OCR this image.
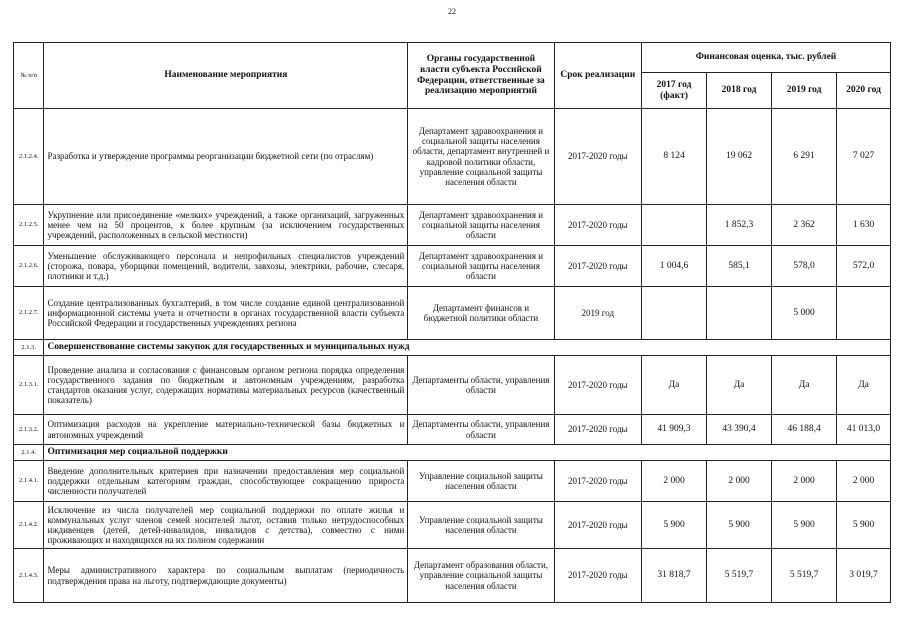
22
№ п/п	Наименование мероприятия	Органы государственной власти субъекта Российской Федерации, ответственные за реализацию мероприятий	Срок реализации	Финансовая оценка, тыс. рублей			
				2017 год (факт)	2018 год	2019 год	2020 год
2.1.2.4.	Разработка и утверждение программы реорганизации бюджетной сети (по отраслям)	Департамент здравоохранения и социальной защиты населения области, департамент внутренней и кадровой политики области, управление социальной защиты населения области	2017-2020 годы	8 124	19 062	6 291	7 027
2.1.2.5.	Укрупнение или присоединение «мелких» учреждений, а также организаций, загруженных менее чем на 50 процентов, к более крупным (за исключением государственных учреждений, расположенных в сельской местности)	Департамент здравоохранения и социальной защиты населения области	2017-2020 годы		1 852,3	2 362	1 630
2.1.2.6.	Уменьшение обслуживающего персонала и непрофильных специалистов учреждений (сторожа, повара, уборщики помещений, водители, завхозы, электрики, рабочие, слесаря, плотники и т.д.)	Департамент здравоохранения и социальной защиты населения области	2017-2020 годы	1 004,6	585,1	578,0	572,0
2.1.2.7.	Создание централизованных бухгалтерий, в том числе создание единой централизованной информационной системы учета и отчетности в органах государственной власти субъекта Российской Федерации и государственных учреждениях региона	Департамент финансов и бюджетной политики области	2019 год			5 000	
2.1.3.	Совершенствование системы закупок для государственных и муниципальных нужд						
2.1.3.1.	Проведение анализа и согласования с финансовым органом региона порядка определения государственного задания по бюджетным и автономным учреждениям, разработка стандартов оказания услуг, содержащих нормативы материальных ресурсов (качественный показатель)	Департаменты области, управления области	2017-2020 годы	Да	Да	Да	Да
2.1.3.2.	Оптимизация расходов на укрепление материально-технической базы бюджетных и автономных учреждений	Департаменты области, управления области	2017-2020 годы	41 909,3	43 390,4	46 188,4	41 013,0
2.1.4.	Оптимизация мер социальной поддержки						
2.1.4.1.	Введение дополнительных критериев при назначении предоставления мер социальной поддержки отдельным категориям граждан, способствующее сокращению прироста численности получателей	Управление социальной защиты населения области	2017-2020 годы	2 000	2 000	2 000	2 000
2.1.4.2.	Исключение из числа получателей мер социальной поддержки по оплате жилья и коммунальных услуг членов семей носителей льгот, оставив только нетрудоспособных иждивенцев (детей, детей-инвалидов, инвалидов с детства), совместно с ними проживающих и находящихся на их полном содержании	Управление социальной защиты населения области	2017-2020 годы	5 900	5 900	5 900	5 900
2.1.4.3.	Меры административного характера по социальным выплатам (периодичность подтверждения права на льготу, подтверждающие документы)	Департамент образования области, управление социальной защиты населения области	2017-2020 годы	31 818,7	5 519,7	5 519,7	3 019,7
